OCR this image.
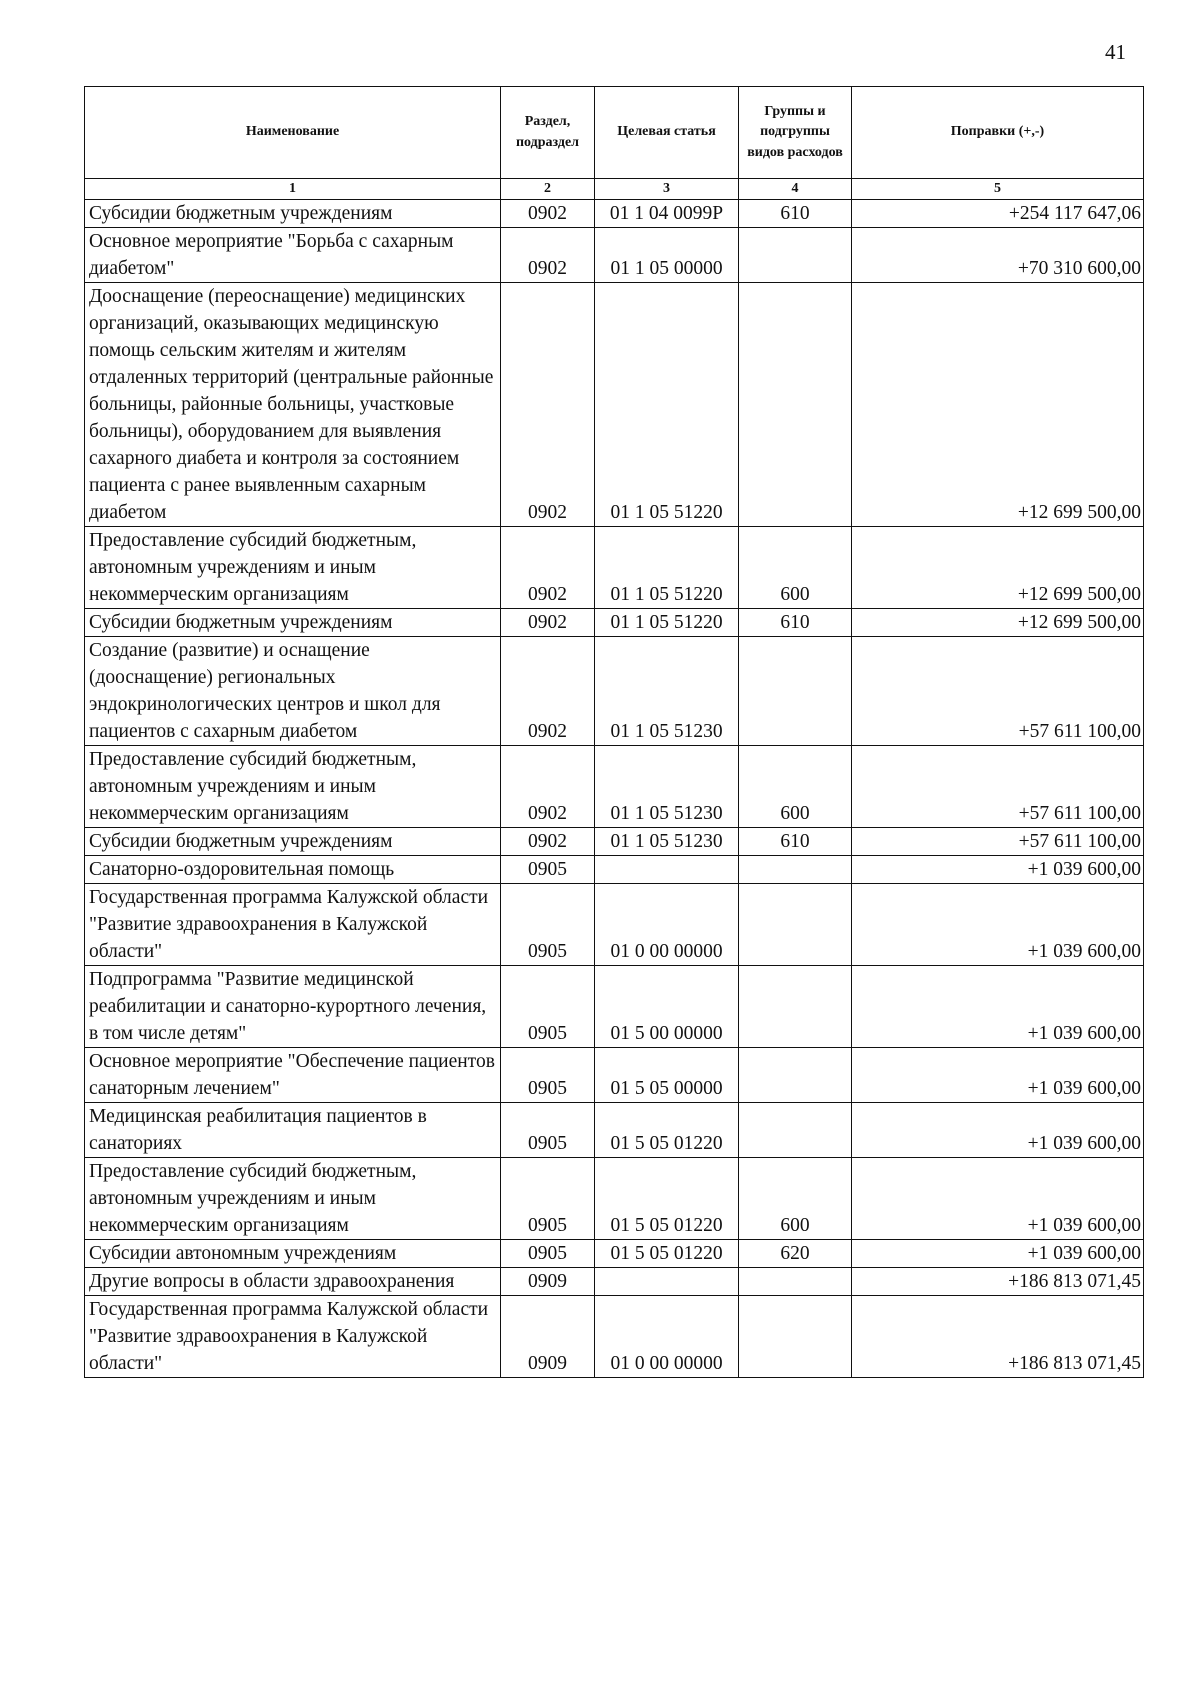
41
Наименование	Раздел, подраздел	Целевая статья	Группы и подгруппы видов расходов	Поправки (+,-)
1	2	3	4	5
Субсидии бюджетным учреждениям	0902	01 1 04 0099P	610	+254 117 647,06
Основное мероприятие "Борьба с сахарным диабетом"	0902	01 1 05 00000		+70 310 600,00
Дооснащение (переоснащение) медицинских организаций, оказывающих медицинскую помощь сельским жителям и жителям отдаленных территорий (центральные районные больницы, районные больницы, участковые больницы), оборудованием для выявления сахарного диабета и контроля за состоянием пациента с ранее выявленным сахарным диабетом	0902	01 1 05 51220		+12 699 500,00
Предоставление субсидий бюджетным, автономным учреждениям и иным некоммерческим организациям	0902	01 1 05 51220	600	+12 699 500,00
Субсидии бюджетным учреждениям	0902	01 1 05 51220	610	+12 699 500,00
Создание (развитие) и оснащение (дооснащение) региональных эндокринологических центров и школ для пациентов с сахарным диабетом	0902	01 1 05 51230		+57 611 100,00
Предоставление субсидий бюджетным, автономным учреждениям и иным некоммерческим организациям	0902	01 1 05 51230	600	+57 611 100,00
Субсидии бюджетным учреждениям	0902	01 1 05 51230	610	+57 611 100,00
Санаторно-оздоровительная помощь	0905			+1 039 600,00
Государственная программа Калужской области "Развитие здравоохранения в Калужской области"	0905	01 0 00 00000		+1 039 600,00
Подпрограмма "Развитие медицинской реабилитации и санаторно-курортного лечения, в том числе детям"	0905	01 5 00 00000		+1 039 600,00
Основное мероприятие "Обеспечение пациентов санаторным лечением"	0905	01 5 05 00000		+1 039 600,00
Медицинская реабилитация пациентов в санаториях	0905	01 5 05 01220		+1 039 600,00
Предоставление субсидий бюджетным, автономным учреждениям и иным некоммерческим организациям	0905	01 5 05 01220	600	+1 039 600,00
Субсидии автономным учреждениям	0905	01 5 05 01220	620	+1 039 600,00
Другие вопросы в области здравоохранения	0909			+186 813 071,45
Государственная программа Калужской области "Развитие здравоохранения в Калужской области"	0909	01 0 00 00000		+186 813 071,45
